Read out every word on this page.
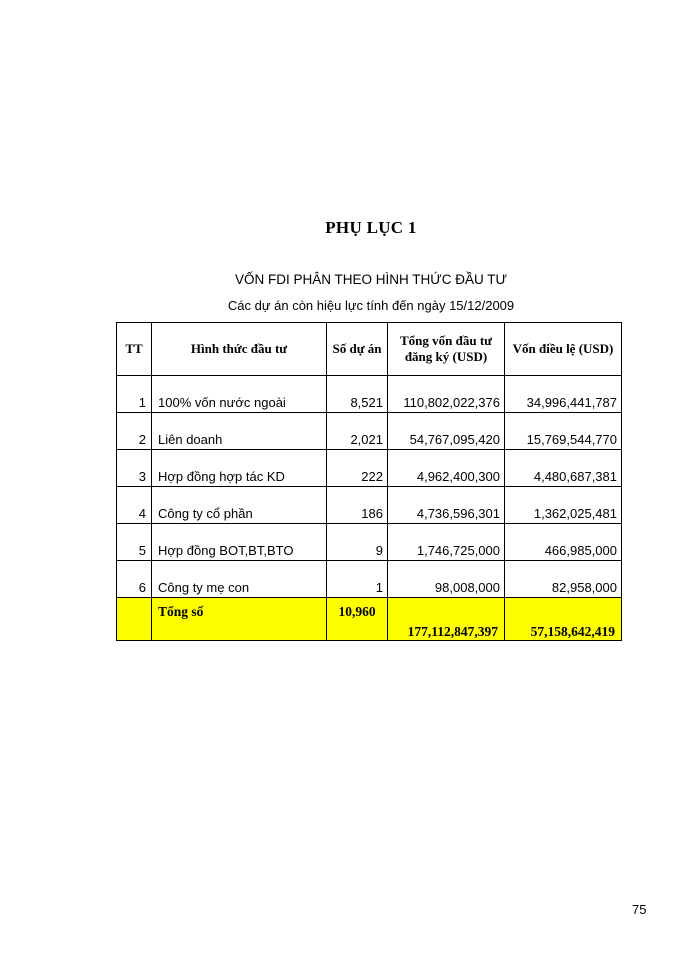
PHỤ LỤC 1
VỐN FDI PHÂN THEO HÌNH THỨC ĐẦU TƯ
Các dự án còn hiệu lực tính đến ngày 15/12/2009
TT	Hình thức đầu tư	Số dự án	Tổng vốn đầu tư đăng ký (USD)	Vốn điều lệ (USD)
1	100% vốn nước ngoài	8,521	110,802,022,376	34,996,441,787
2	Liên doanh	2,021	54,767,095,420	15,769,544,770
3	Hợp đồng hợp tác KD	222	4,962,400,300	4,480,687,381
4	Công ty cổ phần	186	4,736,596,301	1,362,025,481
5	Hợp đồng BOT,BT,BTO	9	1,746,725,000	466,985,000
6	Công ty mẹ con	1	98,008,000	82,958,000
	Tổng số	10,960	177,112,847,397	57,158,642,419
75
